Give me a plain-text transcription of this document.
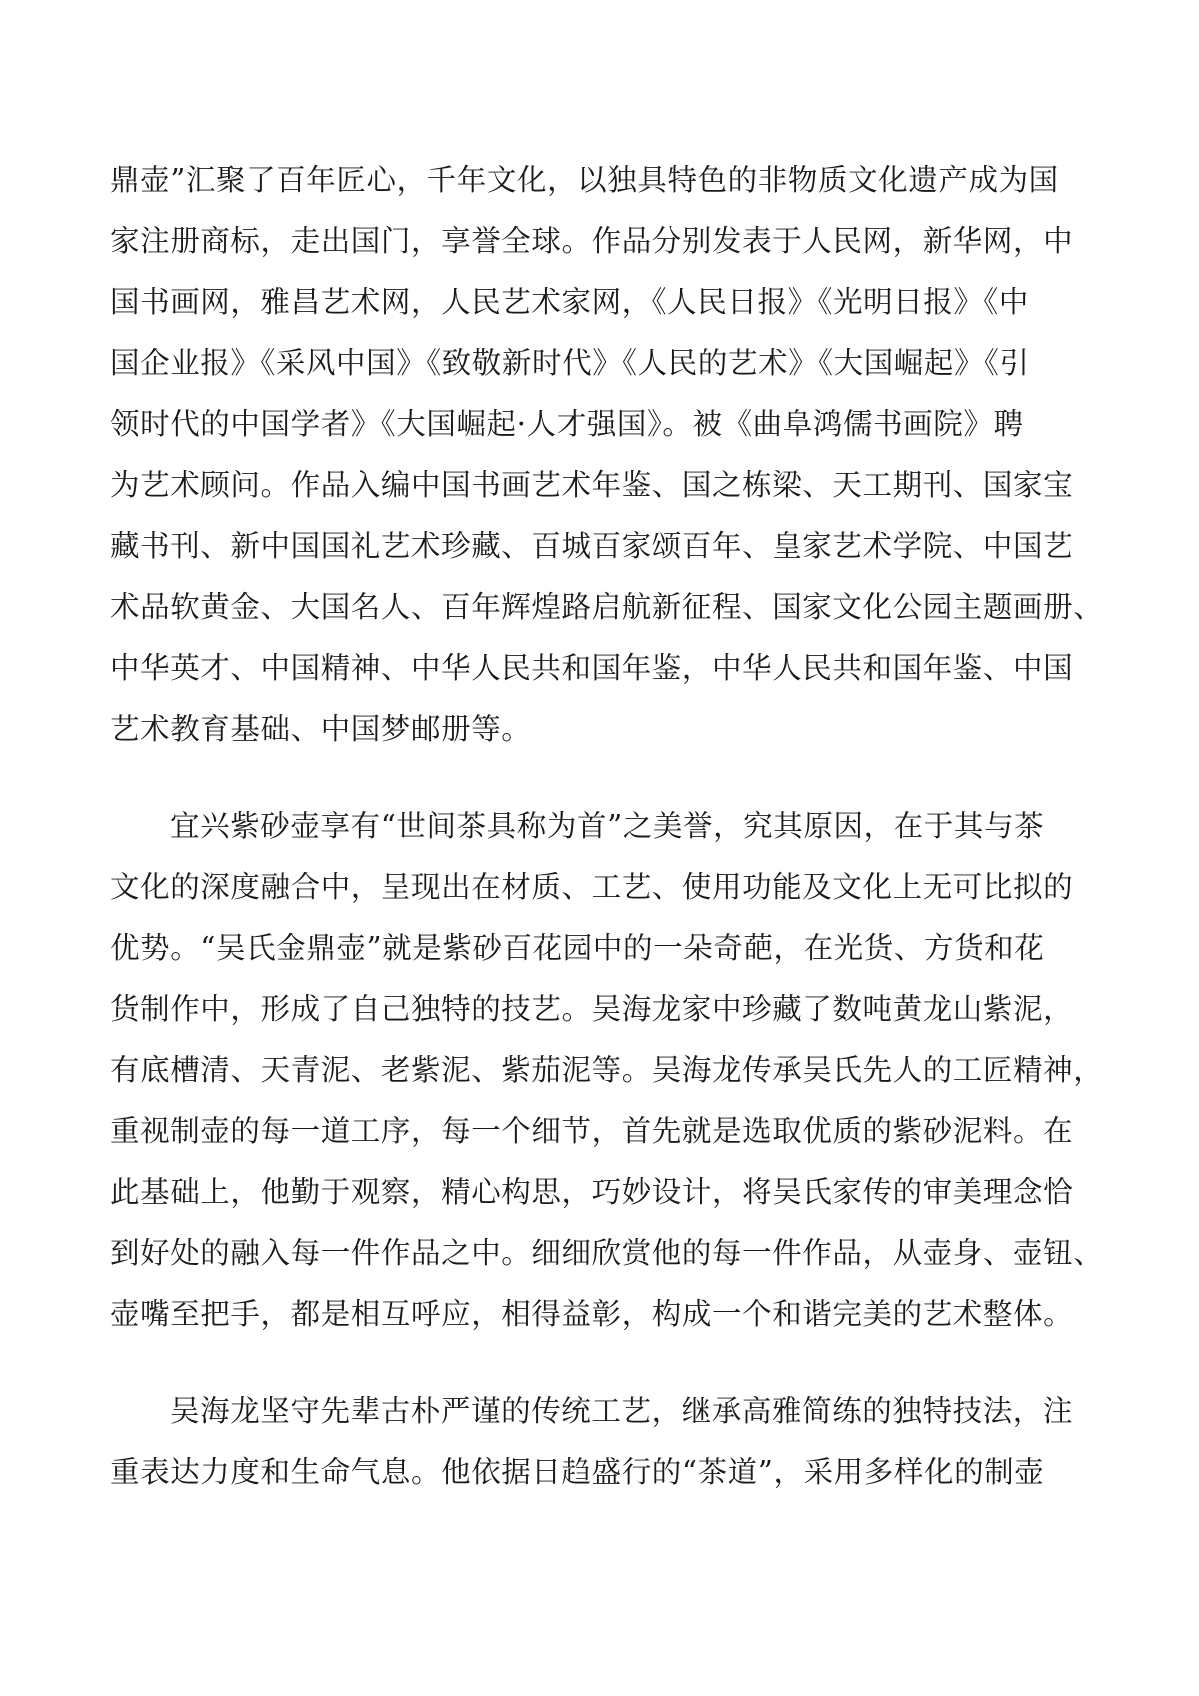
鼎壶”汇聚了百年匠心，千年文化，以独具特色的非物质文化遗产成为国

家注册商标，走出国门，享誉全球。作品分别发表于人民网，新华网，中

国书画网，雅昌艺术网，人民艺术家网，《人民日报》《光明日报》《中

国企业报》《采风中国》《致敬新时代》《人民的艺术》《大国崛起》《引

领时代的中国学者》《大国崛起·人才强国》。被《曲阜鸿儒书画院》聘

为艺术顾问。作品入编中国书画艺术年鉴、国之栋梁、天工期刊、国家宝

藏书刊、新中国国礼艺术珍藏、百城百家颂百年、皇家艺术学院、中国艺

术品软黄金、大国名人、百年辉煌路启航新征程、国家文化公园主题画册、

中华英才、中国精神、中华人民共和国年鉴，中华人民共和国年鉴、中国

艺术教育基础、中国梦邮册等。

宜兴紫砂壶享有“世间茶具称为首”之美誉，究其原因，在于其与茶

文化的深度融合中，呈现出在材质、工艺、使用功能及文化上无可比拟的

优势。“吴氏金鼎壶”就是紫砂百花园中的一朵奇葩，在光货、方货和花

货制作中，形成了自己独特的技艺。吴海龙家中珍藏了数吨黄龙山紫泥，

有底槽清、天青泥、老紫泥、紫茄泥等。吴海龙传承吴氏先人的工匠精神，

重视制壶的每一道工序，每一个细节，首先就是选取优质的紫砂泥料。在

此基础上，他勤于观察，精心构思，巧妙设计，将吴氏家传的审美理念恰

到好处的融入每一件作品之中。细细欣赏他的每一件作品，从壶身、壶钮、

壶嘴至把手，都是相互呼应，相得益彰，构成一个和谐完美的艺术整体。

吴海龙坚守先辈古朴严谨的传统工艺，继承高雅简练的独特技法，注

重表达力度和生命气息。他依据日趋盛行的“茶道”，采用多样化的制壶
